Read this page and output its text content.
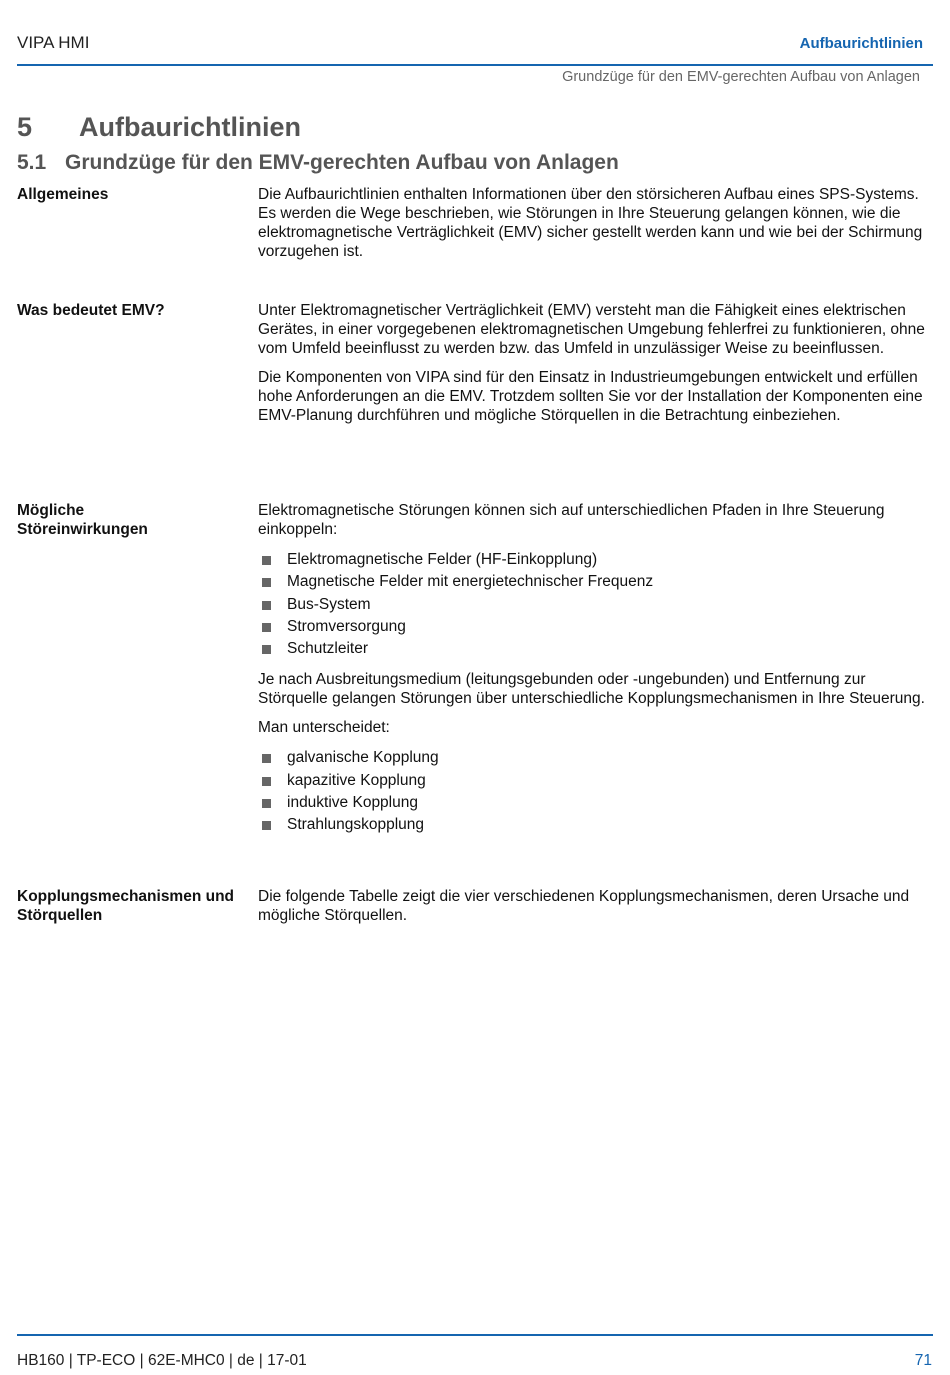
VIPA HMI	Aufbaurichtlinien
Grundzüge für den EMV-gerechten Aufbau von Anlagen
5 Aufbaurichtlinien
5.1 Grundzüge für den EMV-gerechten Aufbau von Anlagen
Allgemeines	Die Aufbaurichtlinien enthalten Informationen über den störsicheren Aufbau eines SPS-Systems. Es werden die Wege beschrieben, wie Störungen in Ihre Steuerung gelangen können, wie die elektromagnetische Verträglichkeit (EMV) sicher gestellt werden kann und wie bei der Schirmung vorzugehen ist.

Was bedeutet EMV?	Unter Elektromagnetischer Verträglichkeit (EMV) versteht man die Fähigkeit eines elektrischen Gerätes, in einer vorgegebenen elektromagnetischen Umgebung fehlerfrei zu funktionieren, ohne vom Umfeld beeinflusst zu werden bzw. das Umfeld in unzulässiger Weise zu beeinflussen.

Die Komponenten von VIPA sind für den Einsatz in Industrieumgebungen entwickelt und erfüllen hohe Anforderungen an die EMV. Trotzdem sollten Sie vor der Installation der Komponenten eine EMV-Planung durchführen und mögliche Störquellen in die Betrachtung einbeziehen.

Mögliche Störeinwirkungen

Elektromagnetische Störungen können sich auf unterschiedlichen Pfaden in Ihre Steuerung einkoppeln:

Elektromagnetische Felder (HF-Einkopplung)
Magnetische Felder mit energietechnischer Frequenz
Bus-System
Stromversorgung
Schutzleiter

Je nach Ausbreitungsmedium (leitungsgebunden oder -ungebunden) und Entfernung zur Störquelle gelangen Störungen über unterschiedliche Kopplungsmechanismen in Ihre Steuerung.

Man unterscheidet:

galvanische Kopplung
kapazitive Kopplung
induktive Kopplung
Strahlungskopplung
Kopplungsmechanismen und Störquellen

Die folgende Tabelle zeigt die vier verschiedenen Kopplungsmechanismen, deren Ursache und mögliche Störquellen.

HB160 | TP-ECO | 62E-MHC0 | de | 17-01	71
